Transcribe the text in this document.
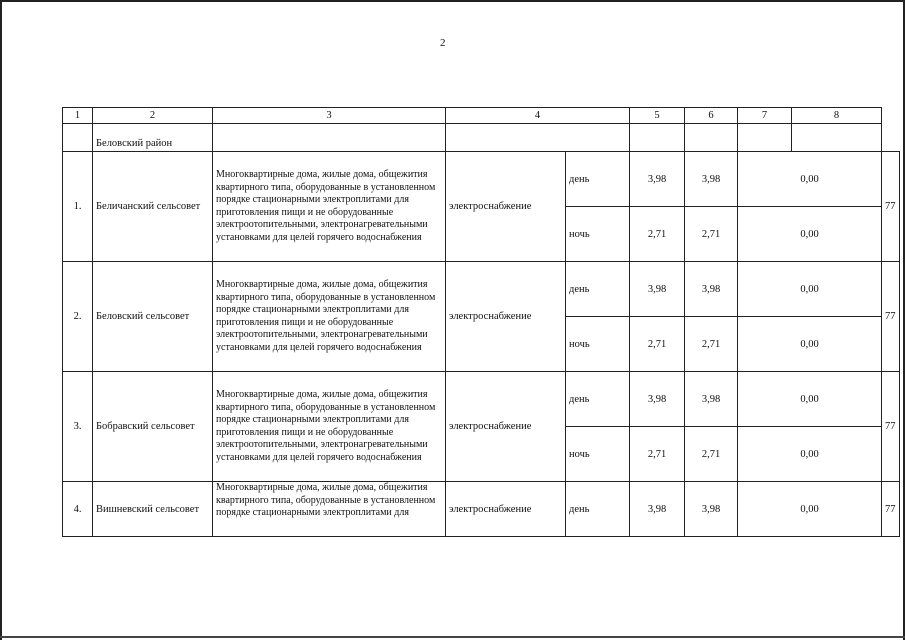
2
1	2	3	4		5	6	7	8	
	Беловский район								
1.	Беличанский сельсовет	Многоквартирные дома, жилые дома, общежития квартирного типа, оборудованные в установленном порядке стационарными электроплитами для приготовления пищи и не оборудованные электроотопительными, электронагревательными установками для целей горячего водоснабжения	электроснабжение	день	3,98	3,98	0,00		77
				ночь	2,71	2,71	0,00		
2.	Беловский сельсовет	Многоквартирные дома, жилые дома, общежития квартирного типа, оборудованные в установленном порядке стационарными электроплитами для приготовления пищи и не оборудованные электроотопительными, электронагревательными установками для целей горячего водоснабжения	электроснабжение	день	3,98	3,98	0,00		77
				ночь	2,71	2,71	0,00		
3.	Бобравский сельсовет	Многоквартирные дома, жилые дома, общежития квартирного типа, оборудованные в установленном порядке стационарными электроплитами для приготовления пищи и не оборудованные электроотопительными, электронагревательными установками для целей горячего водоснабжения	электроснабжение	день	3,98	3,98	0,00		77
				ночь	2,71	2,71	0,00		
4.	Вишневский сельсовет	Многоквартирные дома, жилые дома, общежития квартирного типа, оборудованные в установленном порядке стационарными электроплитами для	электроснабжение	день	3,98	3,98	0,00		77
